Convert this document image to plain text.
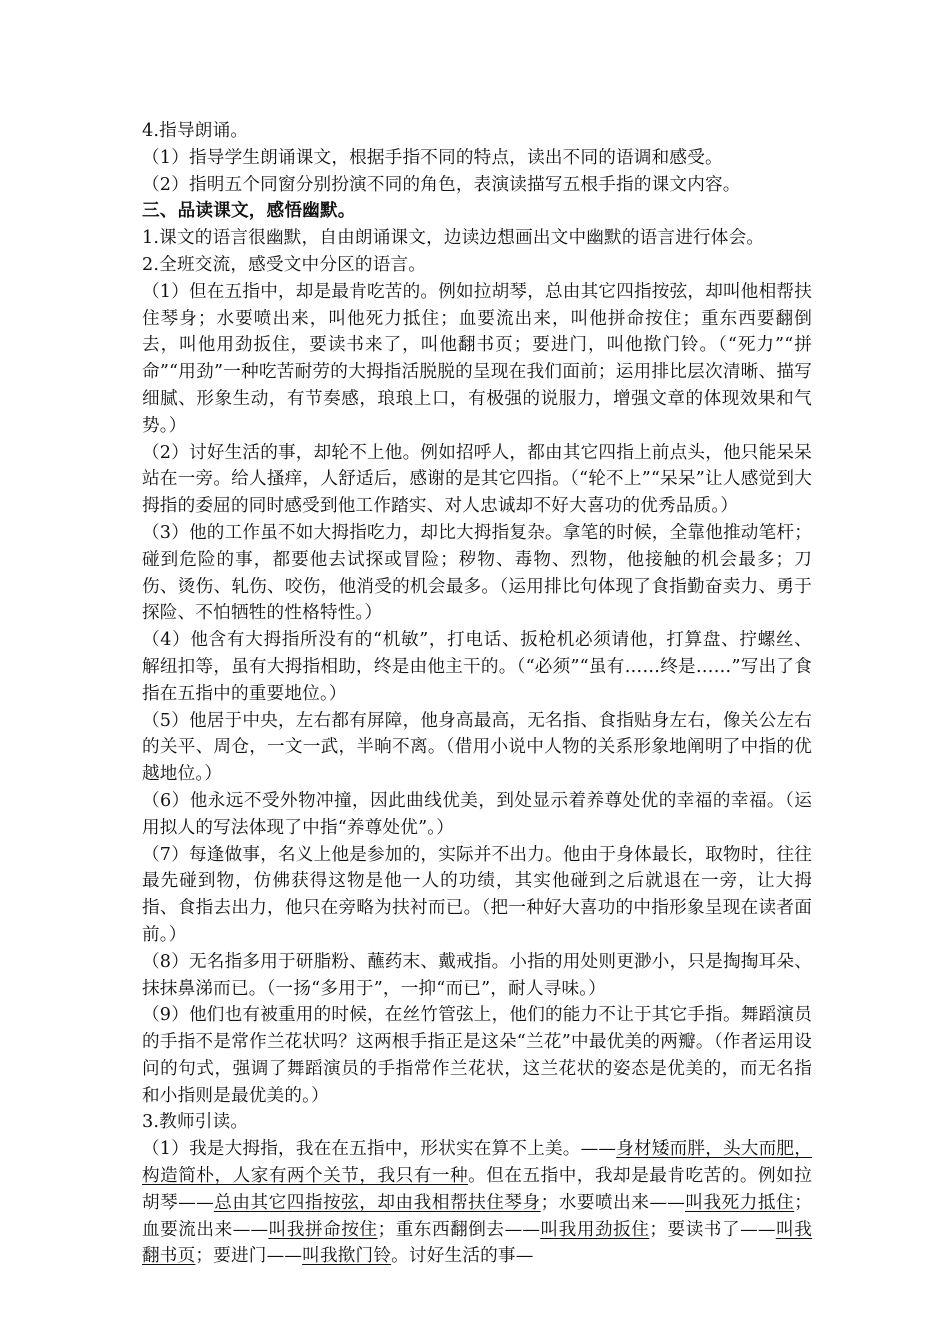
4.指导朗诵。

（1）指导学生朗诵课文，根据手指不同的特点，读出不同的语调和感受。

（2）指明五个同窗分别扮演不同的角色，表演读描写五根手指的课文内容。

三、品读课文，感悟幽默。

1.课文的语言很幽默，自由朗诵课文，边读边想画出文中幽默的语言进行体会。

2.全班交流，感受文中分区的语言。

（1）但在五指中，却是最肯吃苦的。例如拉胡琴，总由其它四指按弦，却叫他相帮扶住琴身；水要喷出来，叫他死力抵住；血要流出来，叫他拼命按住；重东西要翻倒去，叫他用劲扳住，要读书来了，叫他翻书页；要进门，叫他揿门铃。（“死力”“拼命”“用劲”一种吃苦耐劳的大拇指活脱脱的呈现在我们面前；运用排比层次清晰、描写细腻、形象生动，有节奏感，琅琅上口，有极强的说服力，增强文章的体现效果和气势。）

（2）讨好生活的事，却轮不上他。例如招呼人，都由其它四指上前点头，他只能呆呆站在一旁。给人搔痒，人舒适后，感谢的是其它四指。（“轮不上”“呆呆”让人感觉到大拇指的委屈的同时感受到他工作踏实、对人忠诚却不好大喜功的优秀品质。）

（3）他的工作虽不如大拇指吃力，却比大拇指复杂。拿笔的时候，全靠他推动笔杆；碰到危险的事，都要他去试探或冒险；秽物、毒物、烈物，他接触的机会最多；刀伤、烫伤、轧伤、咬伤，他消受的机会最多。（运用排比句体现了食指勤奋卖力、勇于探险、不怕牺牲的性格特性。）

（4）他含有大拇指所没有的“机敏”，打电话、扳枪机必须请他，打算盘、拧螺丝、解纽扣等，虽有大拇指相助，终是由他主干的。（“必须”“虽有……终是……”写出了食指在五指中的重要地位。）

（5）他居于中央，左右都有屏障，他身高最高，无名指、食指贴身左右，像关公左右的关平、周仓，一文一武，半晌不离。（借用小说中人物的关系形象地阐明了中指的优越地位。）

（6）他永远不受外物冲撞，因此曲线优美，到处显示着养尊处优的幸福的幸福。（运用拟人的写法体现了中指“养尊处优”。）

（7）每逢做事，名义上他是参加的，实际并不出力。他由于身体最长，取物时，往往最先碰到物，仿佛获得这物是他一人的功绩，其实他碰到之后就退在一旁，让大拇指、食指去出力，他只在旁略为扶衬而已。（把一种好大喜功的中指形象呈现在读者面前。）

（8）无名指多用于研脂粉、蘸药末、戴戒指。小指的用处则更渺小，只是掏掏耳朵、抹抹鼻涕而已。（一扬“多用于”，一抑“而已”，耐人寻味。）

（9）他们也有被重用的时候，在丝竹管弦上，他们的能力不让于其它手指。舞蹈演员的手指不是常作兰花状吗？这两根手指正是这朵“兰花”中最优美的两瓣。（作者运用设问的句式，强调了舞蹈演员的手指常作兰花状，这兰花状的姿态是优美的，而无名指和小指则是最优美的。）

3.教师引读。

（1）我是大拇指，我在在五指中，形状实在算不上美。——身材矮而胖，头大而肥，构造简朴，人家有两个关节，我只有一种。但在五指中，我却是最肯吃苦的。例如拉胡琴——总由其它四指按弦，却由我相帮扶住琴身；水要喷出来——叫我死力抵住；血要流出来——叫我拼命按住；重东西翻倒去——叫我用劲扳住；要读书了——叫我翻书页；要进门——叫我揿门铃。讨好生活的事—
